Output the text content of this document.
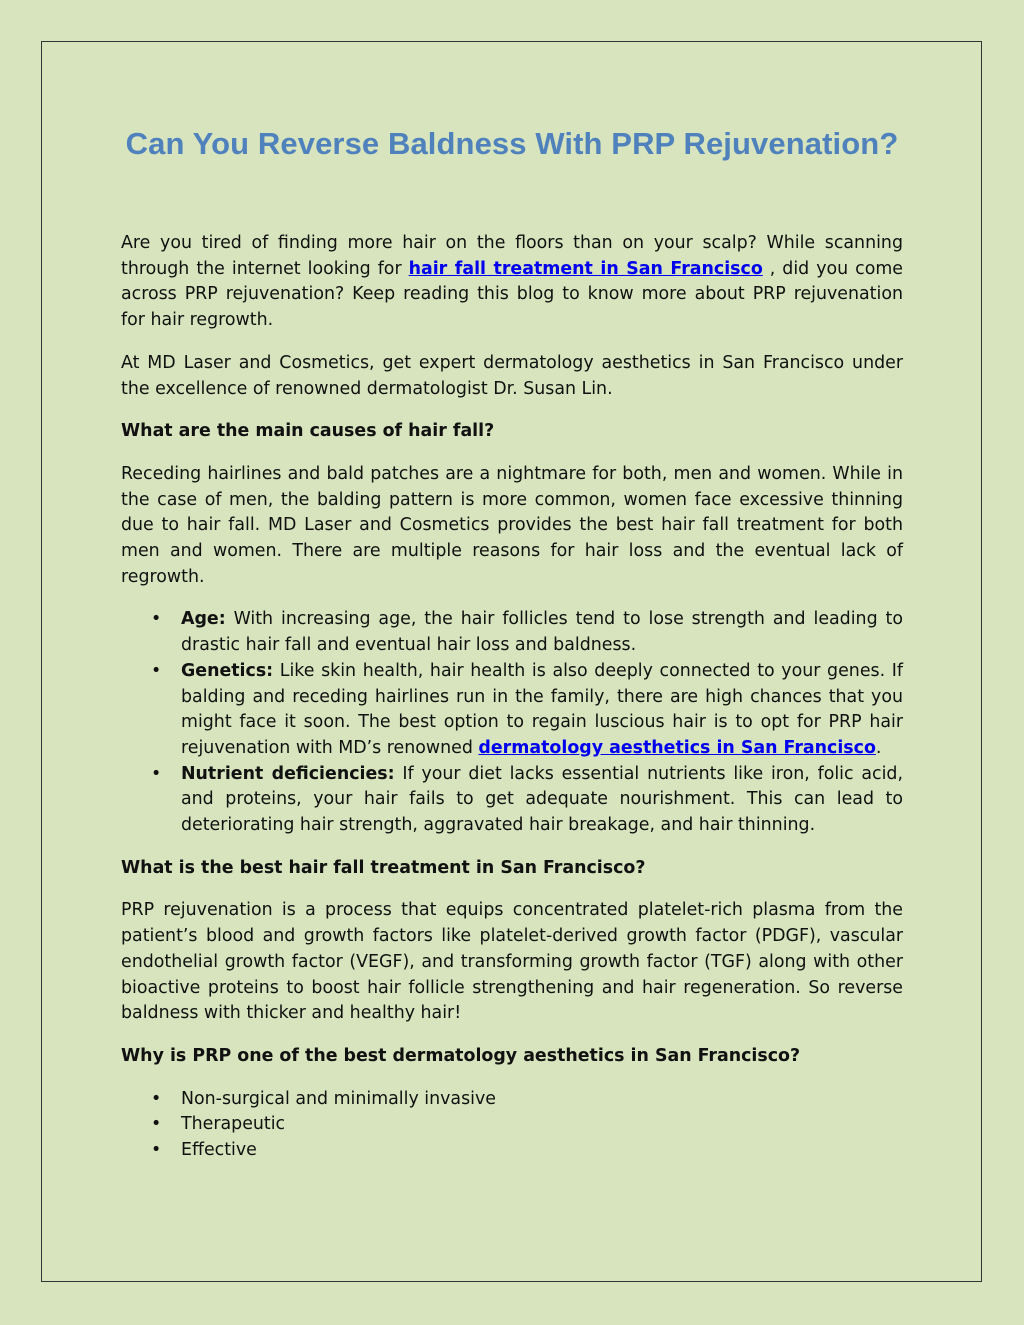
Can You Reverse Baldness With PRP Rejuvenation?

Are you tired of finding more hair on the floors than on your scalp? While scanning through the internet looking for hair fall treatment in San Francisco , did you come across PRP rejuvenation? Keep reading this blog to know more about PRP rejuvenation for hair regrowth.

At MD Laser and Cosmetics, get expert dermatology aesthetics in San Francisco under the excellence of renowned dermatologist Dr. Susan Lin.

What are the main causes of hair fall?

Receding hairlines and bald patches are a nightmare for both, men and women. While in the case of men, the balding pattern is more common, women face excessive thinning due to hair fall. MD Laser and Cosmetics provides the best hair fall treatment for both men and women. There are multiple reasons for hair loss and the eventual lack of regrowth.

• Age: With increasing age, the hair follicles tend to lose strength and leading to drastic hair fall and eventual hair loss and baldness.
• Genetics: Like skin health, hair health is also deeply connected to your genes. If balding and receding hairlines run in the family, there are high chances that you might face it soon. The best option to regain luscious hair is to opt for PRP hair rejuvenation with MD’s renowned dermatology aesthetics in San Francisco.
• Nutrient deficiencies: If your diet lacks essential nutrients like iron, folic acid, and proteins, your hair fails to get adequate nourishment. This can lead to deteriorating hair strength, aggravated hair breakage, and hair thinning.

What is the best hair fall treatment in San Francisco?

PRP rejuvenation is a process that equips concentrated platelet-rich plasma from the patient’s blood and growth factors like platelet-derived growth factor (PDGF), vascular endothelial growth factor (VEGF), and transforming growth factor (TGF) along with other bioactive proteins to boost hair follicle strengthening and hair regeneration. So reverse baldness with thicker and healthy hair!

Why is PRP one of the best dermatology aesthetics in San Francisco?

• Non-surgical and minimally invasive
• Therapeutic
• Effective
